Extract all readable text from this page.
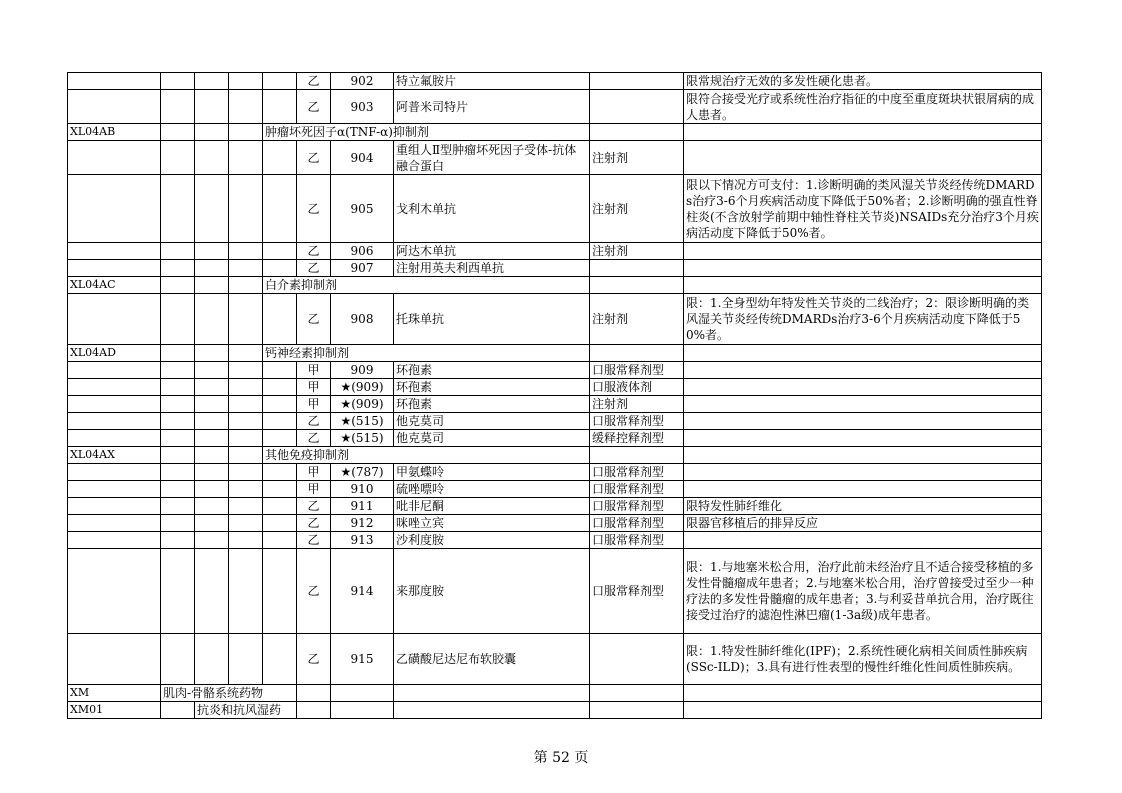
					乙	902	特立氟胺片		限常规治疗无效的多发性硬化患者。
					乙	903	阿普米司特片		限符合接受光疗或系统性治疗指征的中度至重度斑块状银屑病的成人患者。
XL04AB				肿瘤坏死因子α(TNF-α)抑制剂					
					乙	904	重组人Ⅱ型肿瘤坏死因子受体-抗体融合蛋白	注射剂	
					乙	905	戈利木单抗	注射剂	限以下情况方可支付：1.诊断明确的类风湿关节炎经传统DMARDs治疗3-6个月疾病活动度下降低于50%者；2.诊断明确的强直性脊柱炎(不含放射学前期中轴性脊柱关节炎)NSAIDs充分治疗3个月疾病活动度下降低于50%者。
					乙	906	阿达木单抗	注射剂	
					乙	907	注射用英夫利西单抗		
XL04AC				白介素抑制剂					
					乙	908	托珠单抗	注射剂	限：1.全身型幼年特发性关节炎的二线治疗；2：限诊断明确的类风湿关节炎经传统DMARDs治疗3-6个月疾病活动度下降低于50%者。
XL04AD				钙神经素抑制剂					
					甲	909	环孢素	口服常释剂型	
					甲	★(909)	环孢素	口服液体剂	
					甲	★(909)	环孢素	注射剂	
					乙	★(515)	他克莫司	口服常释剂型	
					乙	★(515)	他克莫司	缓释控释剂型	
XL04AX				其他免疫抑制剂					
					甲	★(787)	甲氨蝶呤	口服常释剂型	
					甲	910	硫唑嘌呤	口服常释剂型	
					乙	911	吡非尼酮	口服常释剂型	限特发性肺纤维化
					乙	912	咪唑立宾	口服常释剂型	限器官移植后的排异反应
					乙	913	沙利度胺	口服常释剂型	
					乙	914	来那度胺	口服常释剂型	限：1.与地塞米松合用，治疗此前未经治疗且不适合接受移植的多发性骨髓瘤成年患者；2.与地塞米松合用，治疗曾接受过至少一种疗法的多发性骨髓瘤的成年患者；3.与利妥昔单抗合用，治疗既往接受过治疗的滤泡性淋巴瘤(1-3a级)成年患者。
					乙	915	乙磺酸尼达尼布软胶囊		限：1.特发性肺纤维化(IPF)；2.系统性硬化病相关间质性肺疾病(SSc-ILD)；3.具有进行性表型的慢性纤维化性间质性肺疾病。
XM	肌肉-骨骼系统药物								
XM01		抗炎和抗风湿药							
第 52 页
